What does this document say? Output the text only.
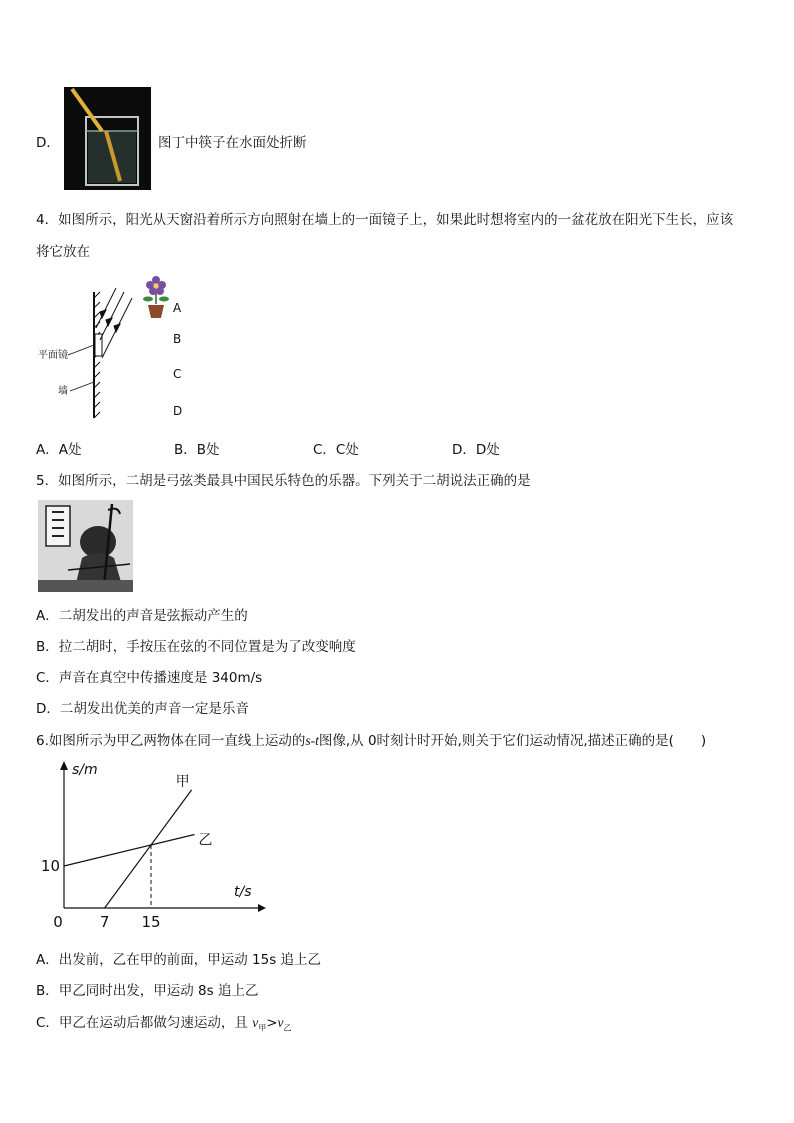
D．	图丁中筷子在水面处折断
4．如图所示，阳光从天窗沿着所示方向照射在墙上的一面镜子上，如果此时想将室内的一盆花放在阳光下生长，应该
将它放在
平面镜
墙
A
B
C
D
A．A处	B．B处	C．C处	D．D处
5．如图所示，二胡是弓弦类最具中国民乐特色的乐器。下列关于二胡说法正确的是
A．二胡发出的声音是弦振动产生的
B．拉二胡时，手按压在弦的不同位置是为了改变响度
C．声音在真空中传播速度是 340m/s
D．二胡发出优美的声音一定是乐音
6.如图所示为甲乙两物体在同一直线上运动的s-t图像,从 0时刻计时开始,则关于它们运动情况,描述正确的是(　　)
s/m
t/s
0 7 15
10
甲
乙
A．出发前，乙在甲的前面，甲运动 15s 追上乙
B．甲乙同时出发，甲运动 8s 追上乙
C．甲乙在运动后都做匀速运动，且 $v_甲>v_乙$
